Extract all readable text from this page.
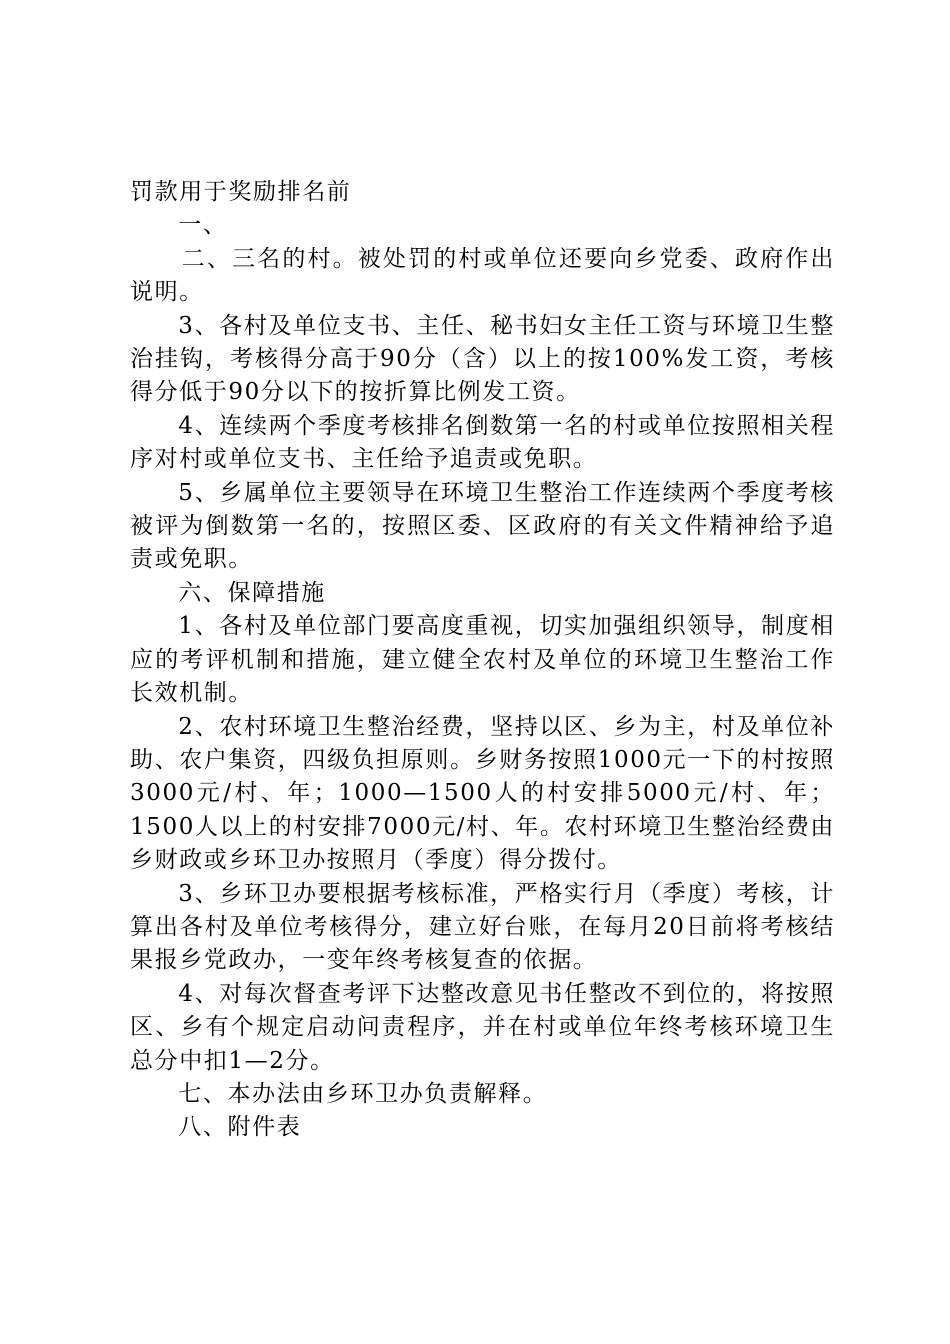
罚款用于奖励排名前

一、

二、三名的村。被处罚的村或单位还要向乡党委、政府作出说明。

3、各村及单位支书、主任、秘书妇女主任工资与环境卫生整治挂钩，考核得分高于90分（含）以上的按100%发工资，考核得分低于90分以下的按折算比例发工资。

4、连续两个季度考核排名倒数第一名的村或单位按照相关程序对村或单位支书、主任给予追责或免职。

5、乡属单位主要领导在环境卫生整治工作连续两个季度考核被评为倒数第一名的，按照区委、区政府的有关文件精神给予追责或免职。

六、保障措施

1、各村及单位部门要高度重视，切实加强组织领导，制度相应的考评机制和措施，建立健全农村及单位的环境卫生整治工作长效机制。

2、农村环境卫生整治经费，坚持以区、乡为主，村及单位补助、农户集资，四级负担原则。乡财务按照1000元一下的村按照3000元/村、年；1000—1500人的村安排5000元/村、年；1500人以上的村安排7000元/村、年。农村环境卫生整治经费由乡财政或乡环卫办按照月（季度）得分拨付。

3、乡环卫办要根据考核标准，严格实行月（季度）考核，计算出各村及单位考核得分，建立好台账，在每月20日前将考核结果报乡党政办，一变年终考核复查的依据。

4、对每次督查考评下达整改意见书任整改不到位的，将按照区、乡有个规定启动问责程序，并在村或单位年终考核环境卫生总分中扣1—2分。

七、本办法由乡环卫办负责解释。

八、附件表
